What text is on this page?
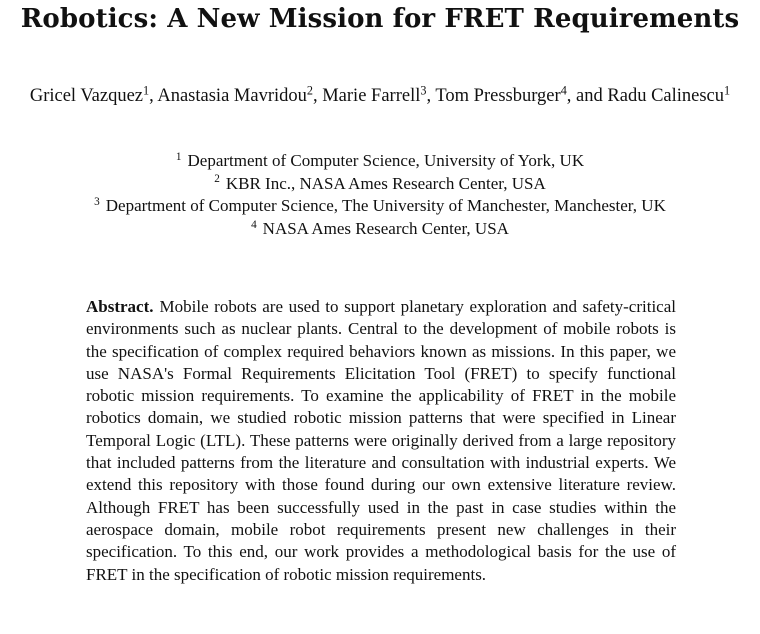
Robotics: A New Mission for FRET Requirements
Gricel Vazquez$^1$, Anastasia Mavridou$^2$, Marie Farrell$^3$, Tom Pressburger$^4$, and Radu Calinescu$^1$
$^1$ Department of Computer Science, University of York, UK
$^2$ KBR Inc., NASA Ames Research Center, USA
$^3$ Department of Computer Science, The University of Manchester, Manchester, UK
$^4$ NASA Ames Research Center, USA
Abstract. Mobile robots are used to support planetary exploration and safety-critical environments such as nuclear plants. Central to the development of mobile robots is the specification of complex required behaviors known as missions. In this paper, we use NASA's Formal Requirements Elicitation Tool (FRET) to specify functional robotic mission requirements. To examine the applicability of FRET in the mobile robotics domain, we studied robotic mission patterns that were specified in Linear Temporal Logic (LTL). These patterns were originally derived from a large repository that included patterns from the literature and consultation with industrial experts. We extend this repository with those found during our own extensive literature review. Although FRET has been successfully used in the past in case studies within the aerospace domain, mobile robot requirements present new challenges in their specification. To this end, our work provides a methodological basis for the use of FRET in the specification of robotic mission requirements.
